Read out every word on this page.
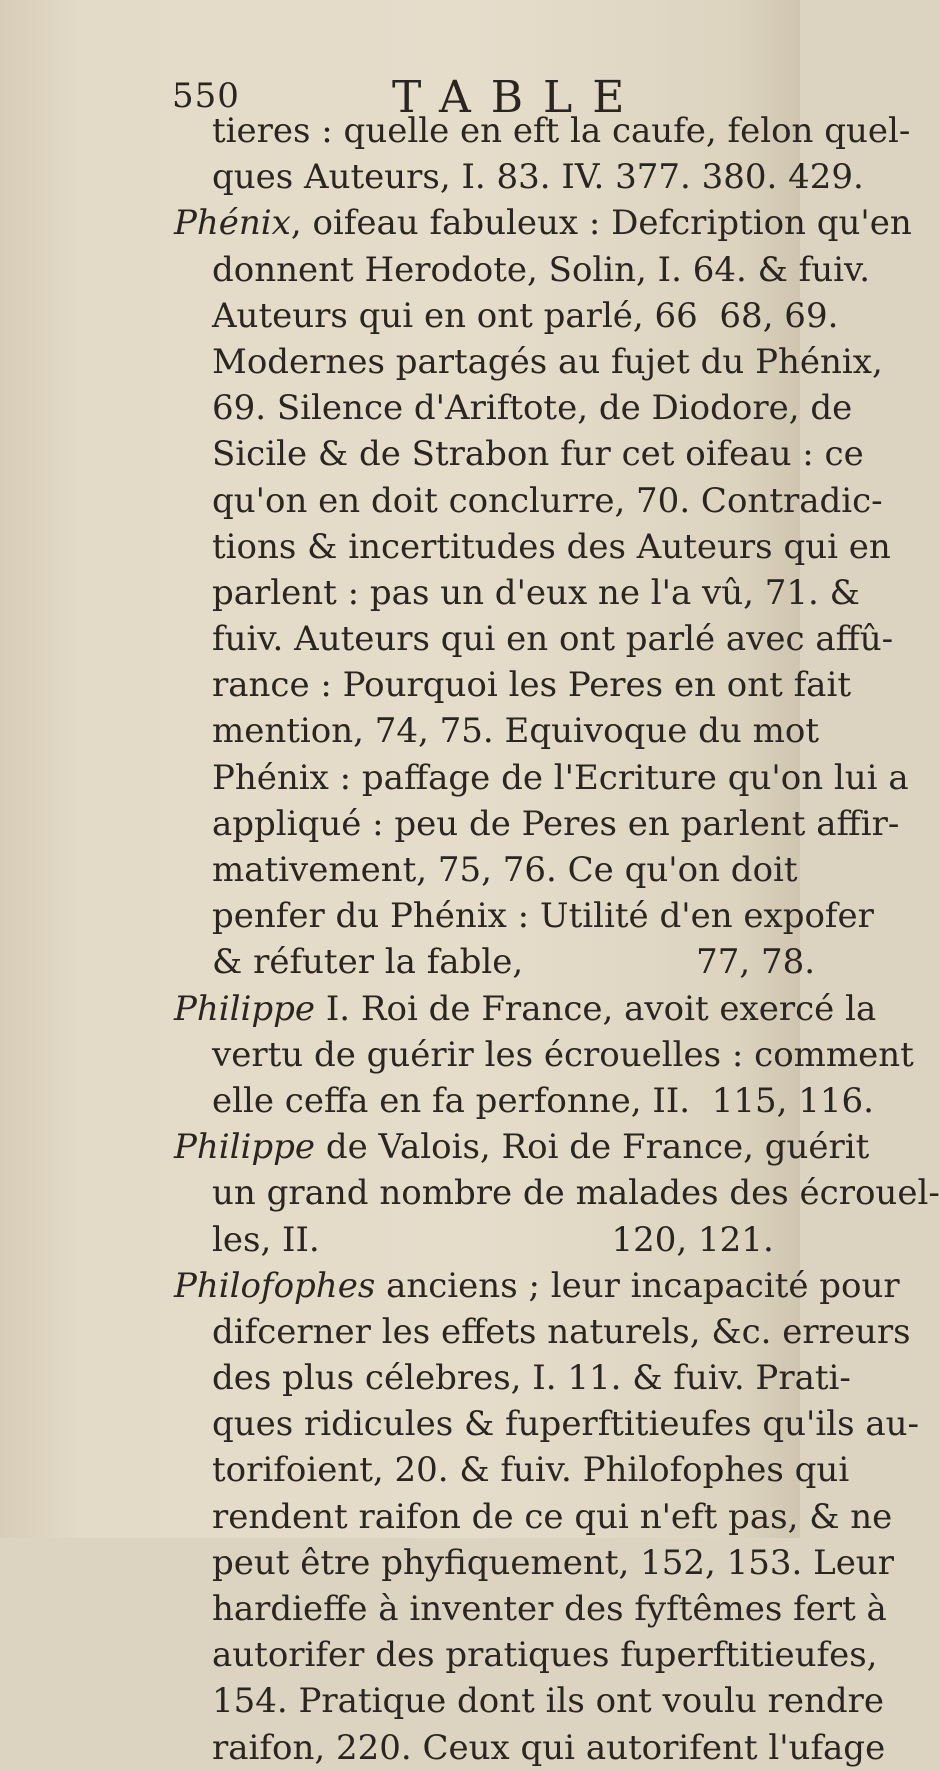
550	TABLE
tieres : quelle en eft la caufe, felon quel-
ques Auteurs, I. 83. IV. 377. 380. 429.
Phénix, oifeau fabuleux : Defcription qu'en
donnent Herodote, Solin, I. 64. & fuiv.
Auteurs qui en ont parlé, 66  68, 69.
Modernes partagés au fujet du Phénix,
69. Silence d'Ariftote, de Diodore, de
Sicile & de Strabon fur cet oifeau : ce
qu'on en doit conclurre, 70. Contradic-
tions & incertitudes des Auteurs qui en
parlent : pas un d'eux ne l'a vû, 71. &
fuiv. Auteurs qui en ont parlé avec affû-
rance : Pourquoi les Peres en ont fait
mention, 74, 75. Equivoque du mot
Phénix : paffage de l'Ecriture qu'on lui a
appliqué : peu de Peres en parlent affir-
mativement, 75, 76. Ce qu'on doit
penfer du Phénix : Utilité d'en expofer
& réfuter la fable,                77, 78.
Philippe I. Roi de France, avoit exercé la
vertu de guérir les écrouelles : comment
elle ceffa en fa perfonne, II.  115, 116.
Philippe de Valois, Roi de France, guérit
un grand nombre de malades des écrouel-
les, II.                           120, 121.
Philofophes anciens ; leur incapacité pour
difcerner les effets naturels, &c. erreurs
des plus célebres, I. 11. & fuiv. Prati-
ques ridicules & fuperftitieufes qu'ils au-
torifoient, 20. & fuiv. Philofophes qui
rendent raifon de ce qui n'eft pas, & ne
peut être phyfiquement, 152, 153. Leur
hardieffe à inventer des fyftêmes fert à
autorifer des pratiques fuperftitieufes,
154. Pratique dont ils ont voulu rendre
raifon, 220. Ceux qui autorifent l'ufage
